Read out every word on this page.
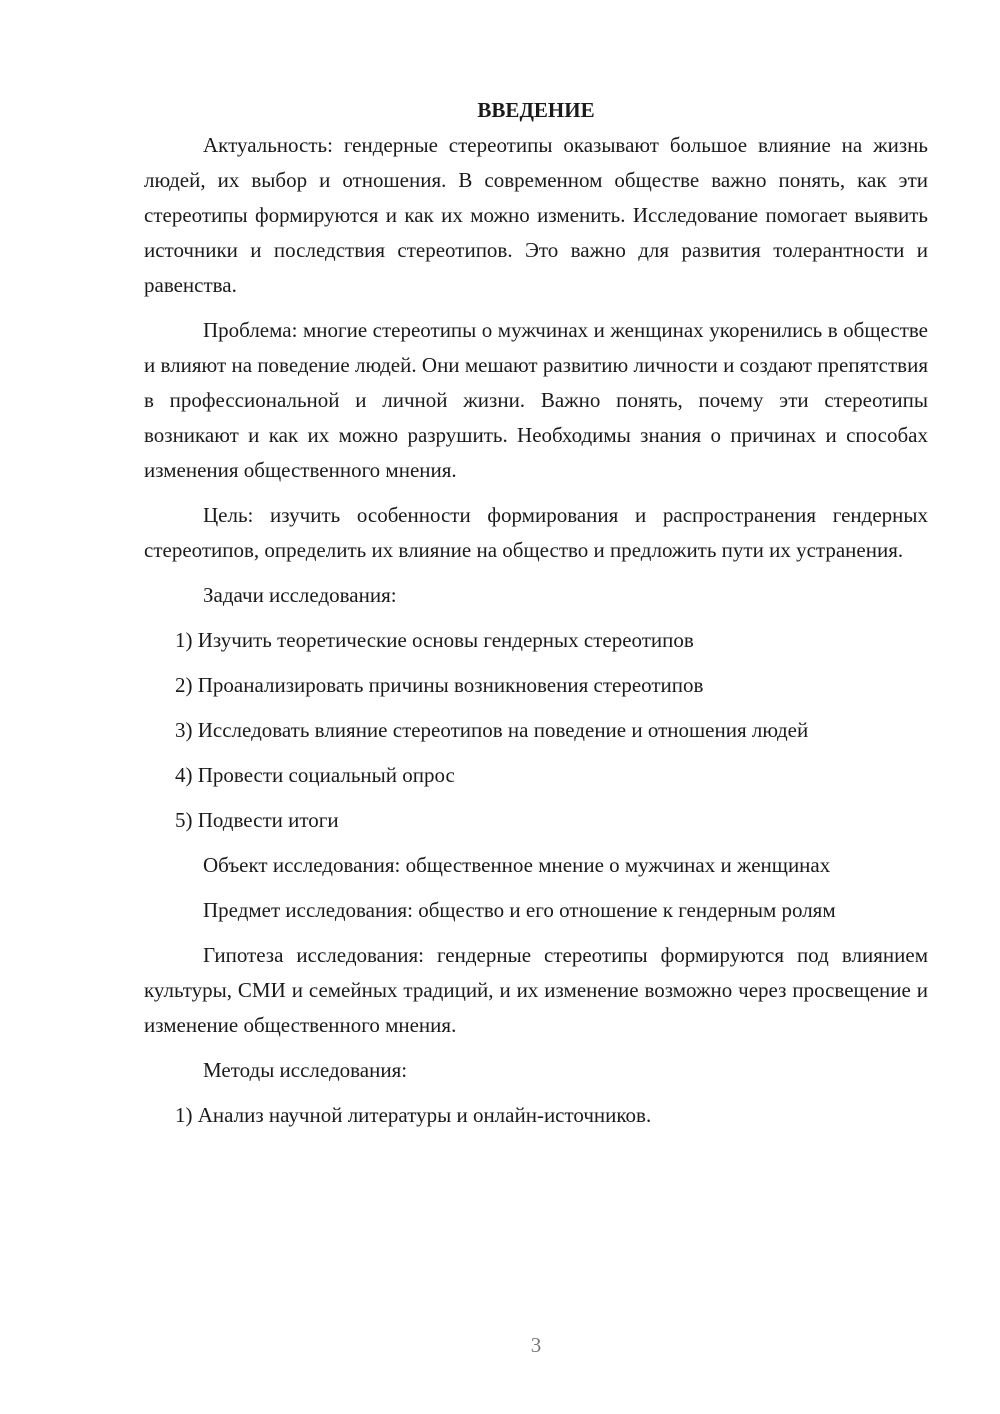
ВВЕДЕНИЕ

Актуальность: гендерные стереотипы оказывают большое влияние на жизнь людей, их выбор и отношения. В современном обществе важно понять, как эти стереотипы формируются и как их можно изменить. Исследование помогает выявить источники и последствия стереотипов. Это важно для развития толерантности и равенства.

Проблема: многие стереотипы о мужчинах и женщинах укоренились в обществе и влияют на поведение людей. Они мешают развитию личности и создают препятствия в профессиональной и личной жизни. Важно понять, почему эти стереотипы возникают и как их можно разрушить. Необходимы знания о причинах и способах изменения общественного мнения.

Цель: изучить особенности формирования и распространения гендерных стереотипов, определить их влияние на общество и предложить пути их устранения.

Задачи исследования:

1) Изучить теоретические основы гендерных стереотипов

2) Проанализировать причины возникновения стереотипов

3) Исследовать влияние стереотипов на поведение и отношения людей

4) Провести социальный опрос

5) Подвести итоги

Объект исследования: общественное мнение о мужчинах и женщинах

Предмет исследования: общество и его отношение к гендерным ролям

Гипотеза исследования: гендерные стереотипы формируются под влиянием культуры, СМИ и семейных традиций, и их изменение возможно через просвещение и изменение общественного мнения.

Методы исследования:

1) Анализ научной литературы и онлайн-источников.

3
